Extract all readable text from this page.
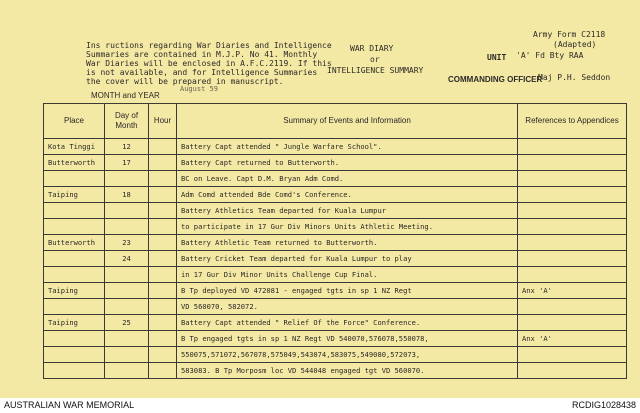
Ins ructions regarding War Diaries and Intelligence
Summaries are contained in M.J.P. No 41. Monthly
War Diaries will be enclosed in A.F.C.2119. If this
is not available, and for Intelligence Summaries
the cover will be prepared in manuscript.
WAR DIARY
or
INTELLIGENCE SUMMARY
Army Form C2118
(Adapted)
UNIT 'A' Fd Bty RAA
COMMANDING OFFICER
Maj P.H. Seddon
MONTH and YEAR
August 59
Place	Day of Month	Hour	Summary of Events and Information	References to Appendices
Kota Tinggi	12		Battery Capt attended " Jungle Warfare School".	
Butterworth	17		Battery Capt returned to Butterworth.	
			BC on Leave. Capt D.M. Bryan Adm Comd.	
Taiping	18		Adm Comd attended Bde Comd's Conference.	
			Battery Athletics Team departed for Kuala Lumpur	
			to participate in 17 Gur Div Minors Units Athletic Meeting.	
Butterworth	23		Battery Athletic Team returned to Butterworth.	
	24		Battery Cricket Team departed for Kuala Lumpur to play	
			in 17 Gur Div Minor Units Challenge Cup Final.	
Taiping			B Tp deployed VD 472081 - engaged tgts in sp 1 NZ Regt	Anx 'A'
			VD 560070, 582072.	
Taiping	25		Battery Capt attended " Relief Of the Force" Conference.	
			B Tp engaged tgts in sp 1 NZ Regt VD 540070,576078,550078,	Anx 'A'
			550075,571072,567078,575049,543074,583075,549080,572073,	
			583083. B Tp Morposm loc VD 544048 engaged tgt VD 560070.	
AUSTRALIAN WAR MEMORIAL	RCDIG1028438
